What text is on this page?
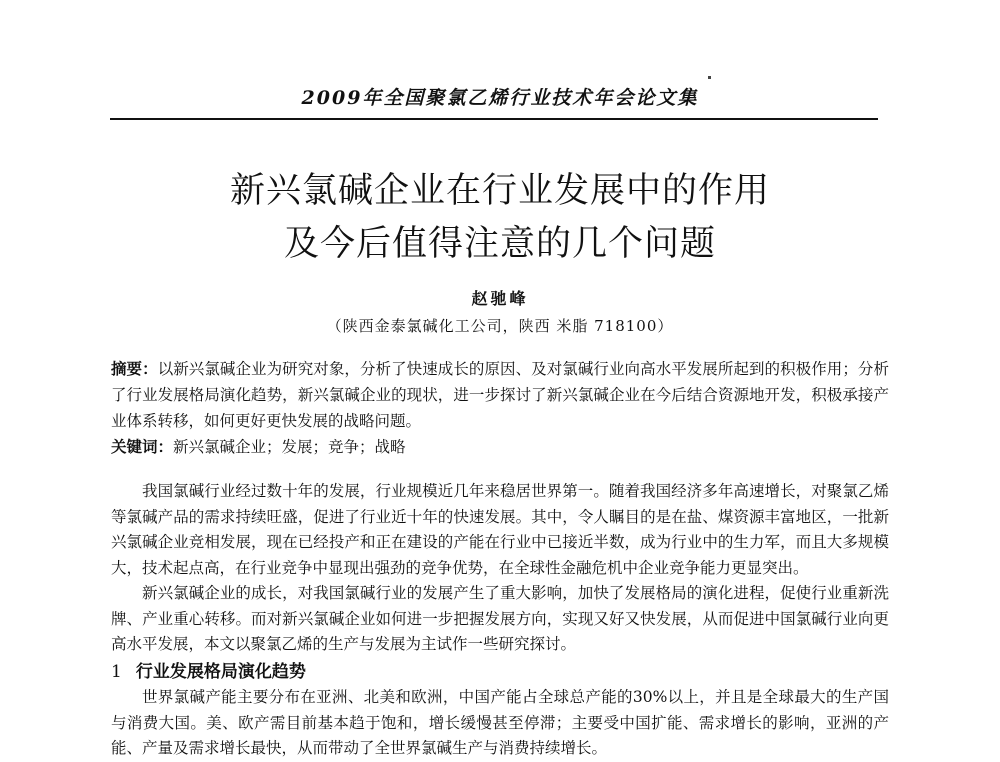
2009年全国聚氯乙烯行业技术年会论文集
新兴氯碱企业在行业发展中的作用
及今后值得注意的几个问题
赵驰峰
（陕西金泰氯碱化工公司，陕西 米脂 718100）
摘要：以新兴氯碱企业为研究对象，分析了快速成长的原因、及对氯碱行业向高水平发展所起到的积极作用；分析了行业发展格局演化趋势，新兴氯碱企业的现状，进一步探讨了新兴氯碱企业在今后结合资源地开发，积极承接产业体系转移，如何更好更快发展的战略问题。
关键词：新兴氯碱企业；发展；竞争；战略

我国氯碱行业经过数十年的发展，行业规模近几年来稳居世界第一。随着我国经济多年高速增长，对聚氯乙烯等氯碱产品的需求持续旺盛，促进了行业近十年的快速发展。其中，令人瞩目的是在盐、煤资源丰富地区，一批新兴氯碱企业竞相发展，现在已经投产和正在建设的产能在行业中已接近半数，成为行业中的生力军，而且大多规模大，技术起点高，在行业竞争中显现出强劲的竞争优势，在全球性金融危机中企业竞争能力更显突出。

新兴氯碱企业的成长，对我国氯碱行业的发展产生了重大影响，加快了发展格局的演化进程，促使行业重新洗牌、产业重心转移。而对新兴氯碱企业如何进一步把握发展方向，实现又好又快发展，从而促进中国氯碱行业向更高水平发展，本文以聚氯乙烯的生产与发展为主试作一些研究探讨。

1 行业发展格局演化趋势

世界氯碱产能主要分布在亚洲、北美和欧洲，中国产能占全球总产能的30%以上，并且是全球最大的生产国与消费大国。美、欧产需目前基本趋于饱和，增长缓慢甚至停滞；主要受中国扩能、需求增长的影响，亚洲的产能、产量及需求增长最快，从而带动了全世界氯碱生产与消费持续增长。
